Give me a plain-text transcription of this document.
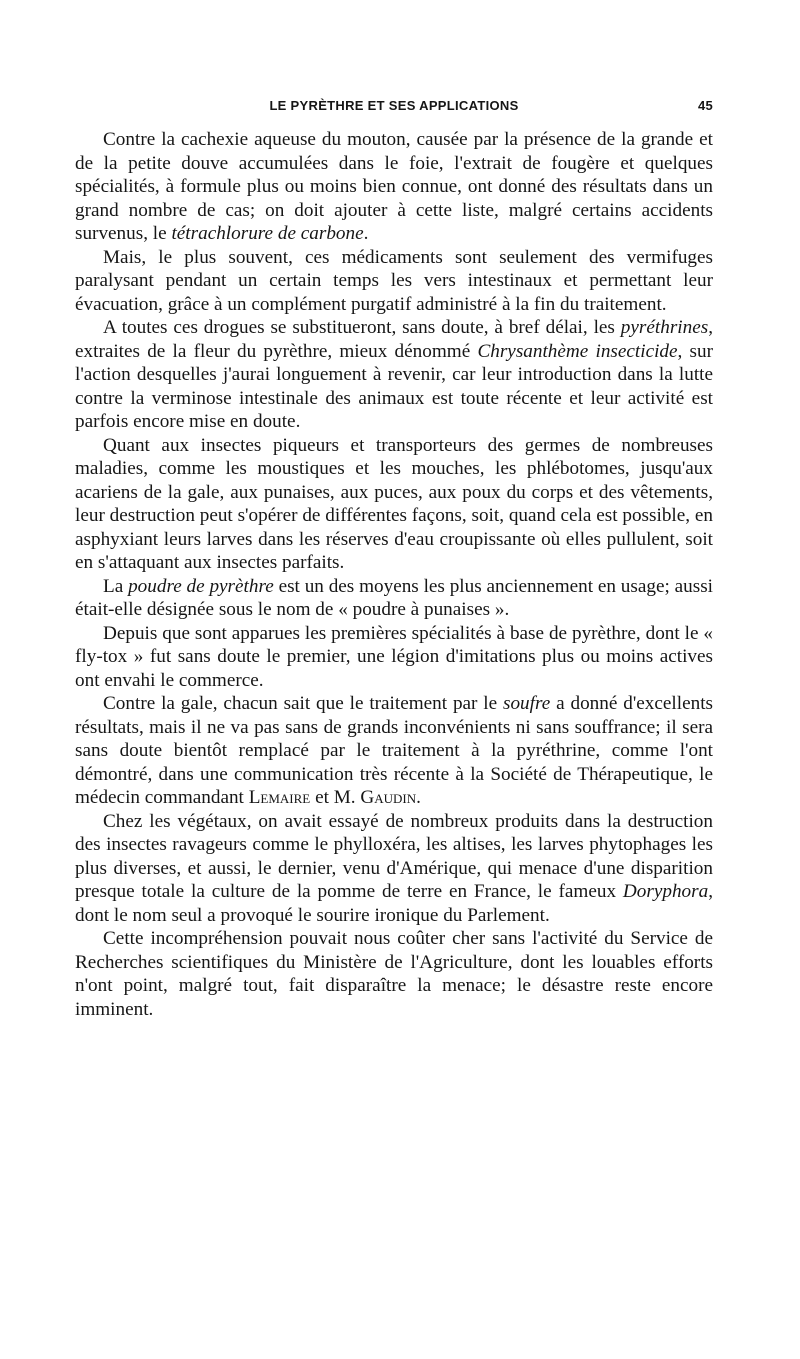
LE PYRÈTHRE ET SES APPLICATIONS	45

Contre la cachexie aqueuse du mouton, causée par la présence de la grande et de la petite douve accumulées dans le foie, l'extrait de fougère et quelques spécialités, à formule plus ou moins bien connue, ont donné des résultats dans un grand nombre de cas; on doit ajouter à cette liste, malgré certains accidents survenus, le tétrachlorure de carbone.

Mais, le plus souvent, ces médicaments sont seulement des vermifuges paralysant pendant un certain temps les vers intestinaux et permettant leur évacuation, grâce à un complément purgatif administré à la fin du traitement.

A toutes ces drogues se substitueront, sans doute, à bref délai, les pyréthrines, extraites de la fleur du pyrèthre, mieux dénommé Chrysanthème insecticide, sur l'action desquelles j'aurai longuement à revenir, car leur introduction dans la lutte contre la verminose intestinale des animaux est toute récente et leur activité est parfois encore mise en doute.

Quant aux insectes piqueurs et transporteurs des germes de nombreuses maladies, comme les moustiques et les mouches, les phlébotomes, jusqu'aux acariens de la gale, aux punaises, aux puces, aux poux du corps et des vêtements, leur destruction peut s'opérer de différentes façons, soit, quand cela est possible, en asphyxiant leurs larves dans les réserves d'eau croupissante où elles pullulent, soit en s'attaquant aux insectes parfaits.

La poudre de pyrèthre est un des moyens les plus anciennement en usage; aussi était-elle désignée sous le nom de « poudre à punaises ».

Depuis que sont apparues les premières spécialités à base de pyrèthre, dont le « fly-tox » fut sans doute le premier, une légion d'imitations plus ou moins actives ont envahi le commerce.

Contre la gale, chacun sait que le traitement par le soufre a donné d'excellents résultats, mais il ne va pas sans de grands inconvénients ni sans souffrance; il sera sans doute bientôt remplacé par le traitement à la pyréthrine, comme l'ont démontré, dans une communication très récente à la Société de Thérapeutique, le médecin commandant Lemaire et M. Gaudin.

Chez les végétaux, on avait essayé de nombreux produits dans la destruction des insectes ravageurs comme le phylloxéra, les altises, les larves phytophages les plus diverses, et aussi, le dernier, venu d'Amérique, qui menace d'une disparition presque totale la culture de la pomme de terre en France, le fameux Doryphora, dont le nom seul a provoqué le sourire ironique du Parlement.

Cette incompréhension pouvait nous coûter cher sans l'activité du Service de Recherches scientifiques du Ministère de l'Agriculture, dont les louables efforts n'ont point, malgré tout, fait disparaître la menace; le désastre reste encore imminent.
